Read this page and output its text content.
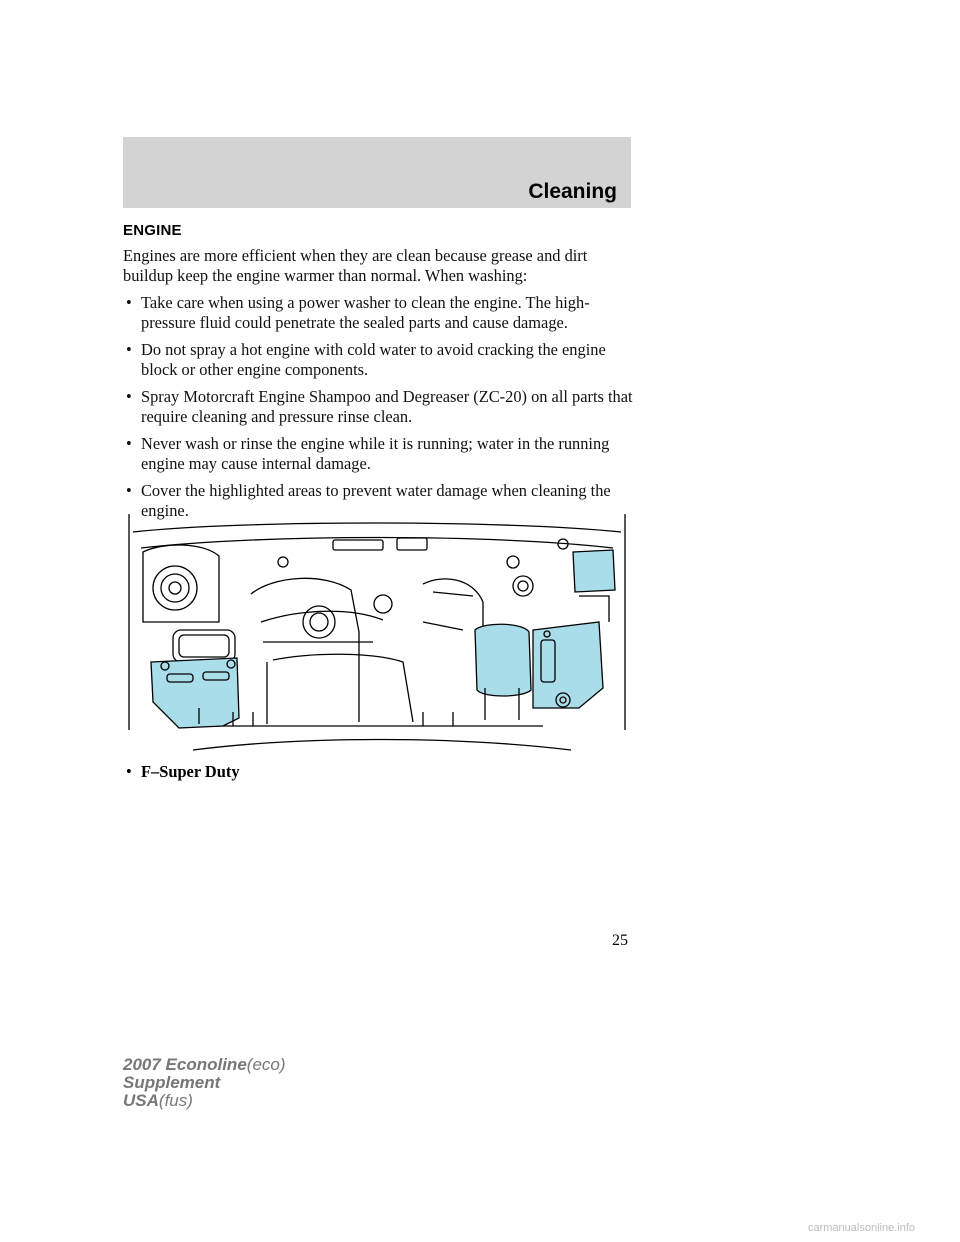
Cleaning
ENGINE

Engines are more efficient when they are clean because grease and dirt buildup keep the engine warmer than normal. When washing:

• Take care when using a power washer to clean the engine. The high-pressure fluid could penetrate the sealed parts and cause damage.
• Do not spray a hot engine with cold water to avoid cracking the engine block or other engine components.
• Spray Motorcraft Engine Shampoo and Degreaser (ZC-20) on all parts that require cleaning and pressure rinse clean.
• Never wash or rinse the engine while it is running; water in the running engine may cause internal damage.
• Cover the highlighted areas to prevent water damage when cleaning the engine.
• F–Super Duty
25
2007 Econoline(eco)
Supplement
USA(fus)
carmanualsonline.info
